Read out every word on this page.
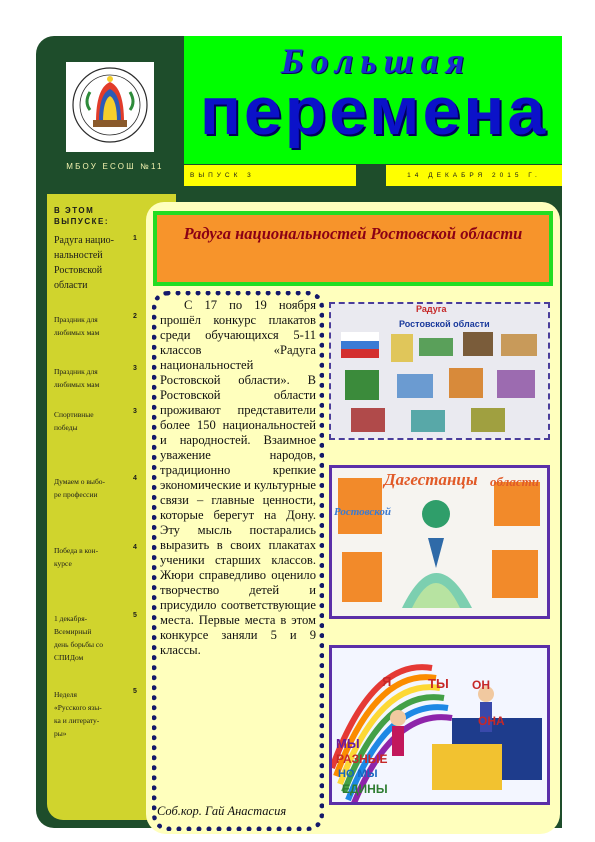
МБОУ ЕСОШ №11
В ЭТОМ
ВЫПУСКЕ:
Радуга нацио-
нальностей
Ростовской
области
1
Праздник для
любимых мам
2
Праздник для
любимых мам
3
Спортивные
победы
3
Думаем о выбо-
ре профессии
4
Победа в кон-
курсе
4
1 декабря-
Всемирный
день борьбы со
СПИДом
5
Неделя
«Русского язы-
ка и литерату-
ры»
5
Большая
перемена
ВЫПУСК 3	14 ДЕКАБРЯ 2015 Г.
Радуга национальностей Ростовской области

С 17 по 19 ноября прошёл конкурс плакатов среди обучающихся 5-11 классов «Радуга национальностей Ростовской области». В Ростовской области проживают представители более 150 национальностей и народностей. Взаимное уважение народов, традиционно крепкие экономические и культурные связи – главные ценности, которые берегут на Дону. Эту мысль постарались выразить в своих плакатах ученики старших классов. Жюри справедливо оценило творчество детей и присудило соответствующие места. Первые места в этом конкурсе заняли 5 и 9 классы.

Соб.кор. Гай Анастасия
Радуга
Ростовской области
Дагестанцы
Ростовской
области
Я	ТЫ ОН
ОНА
МЫ
РАЗНЫЕ
НО МЫ
ЕДИНЫ
